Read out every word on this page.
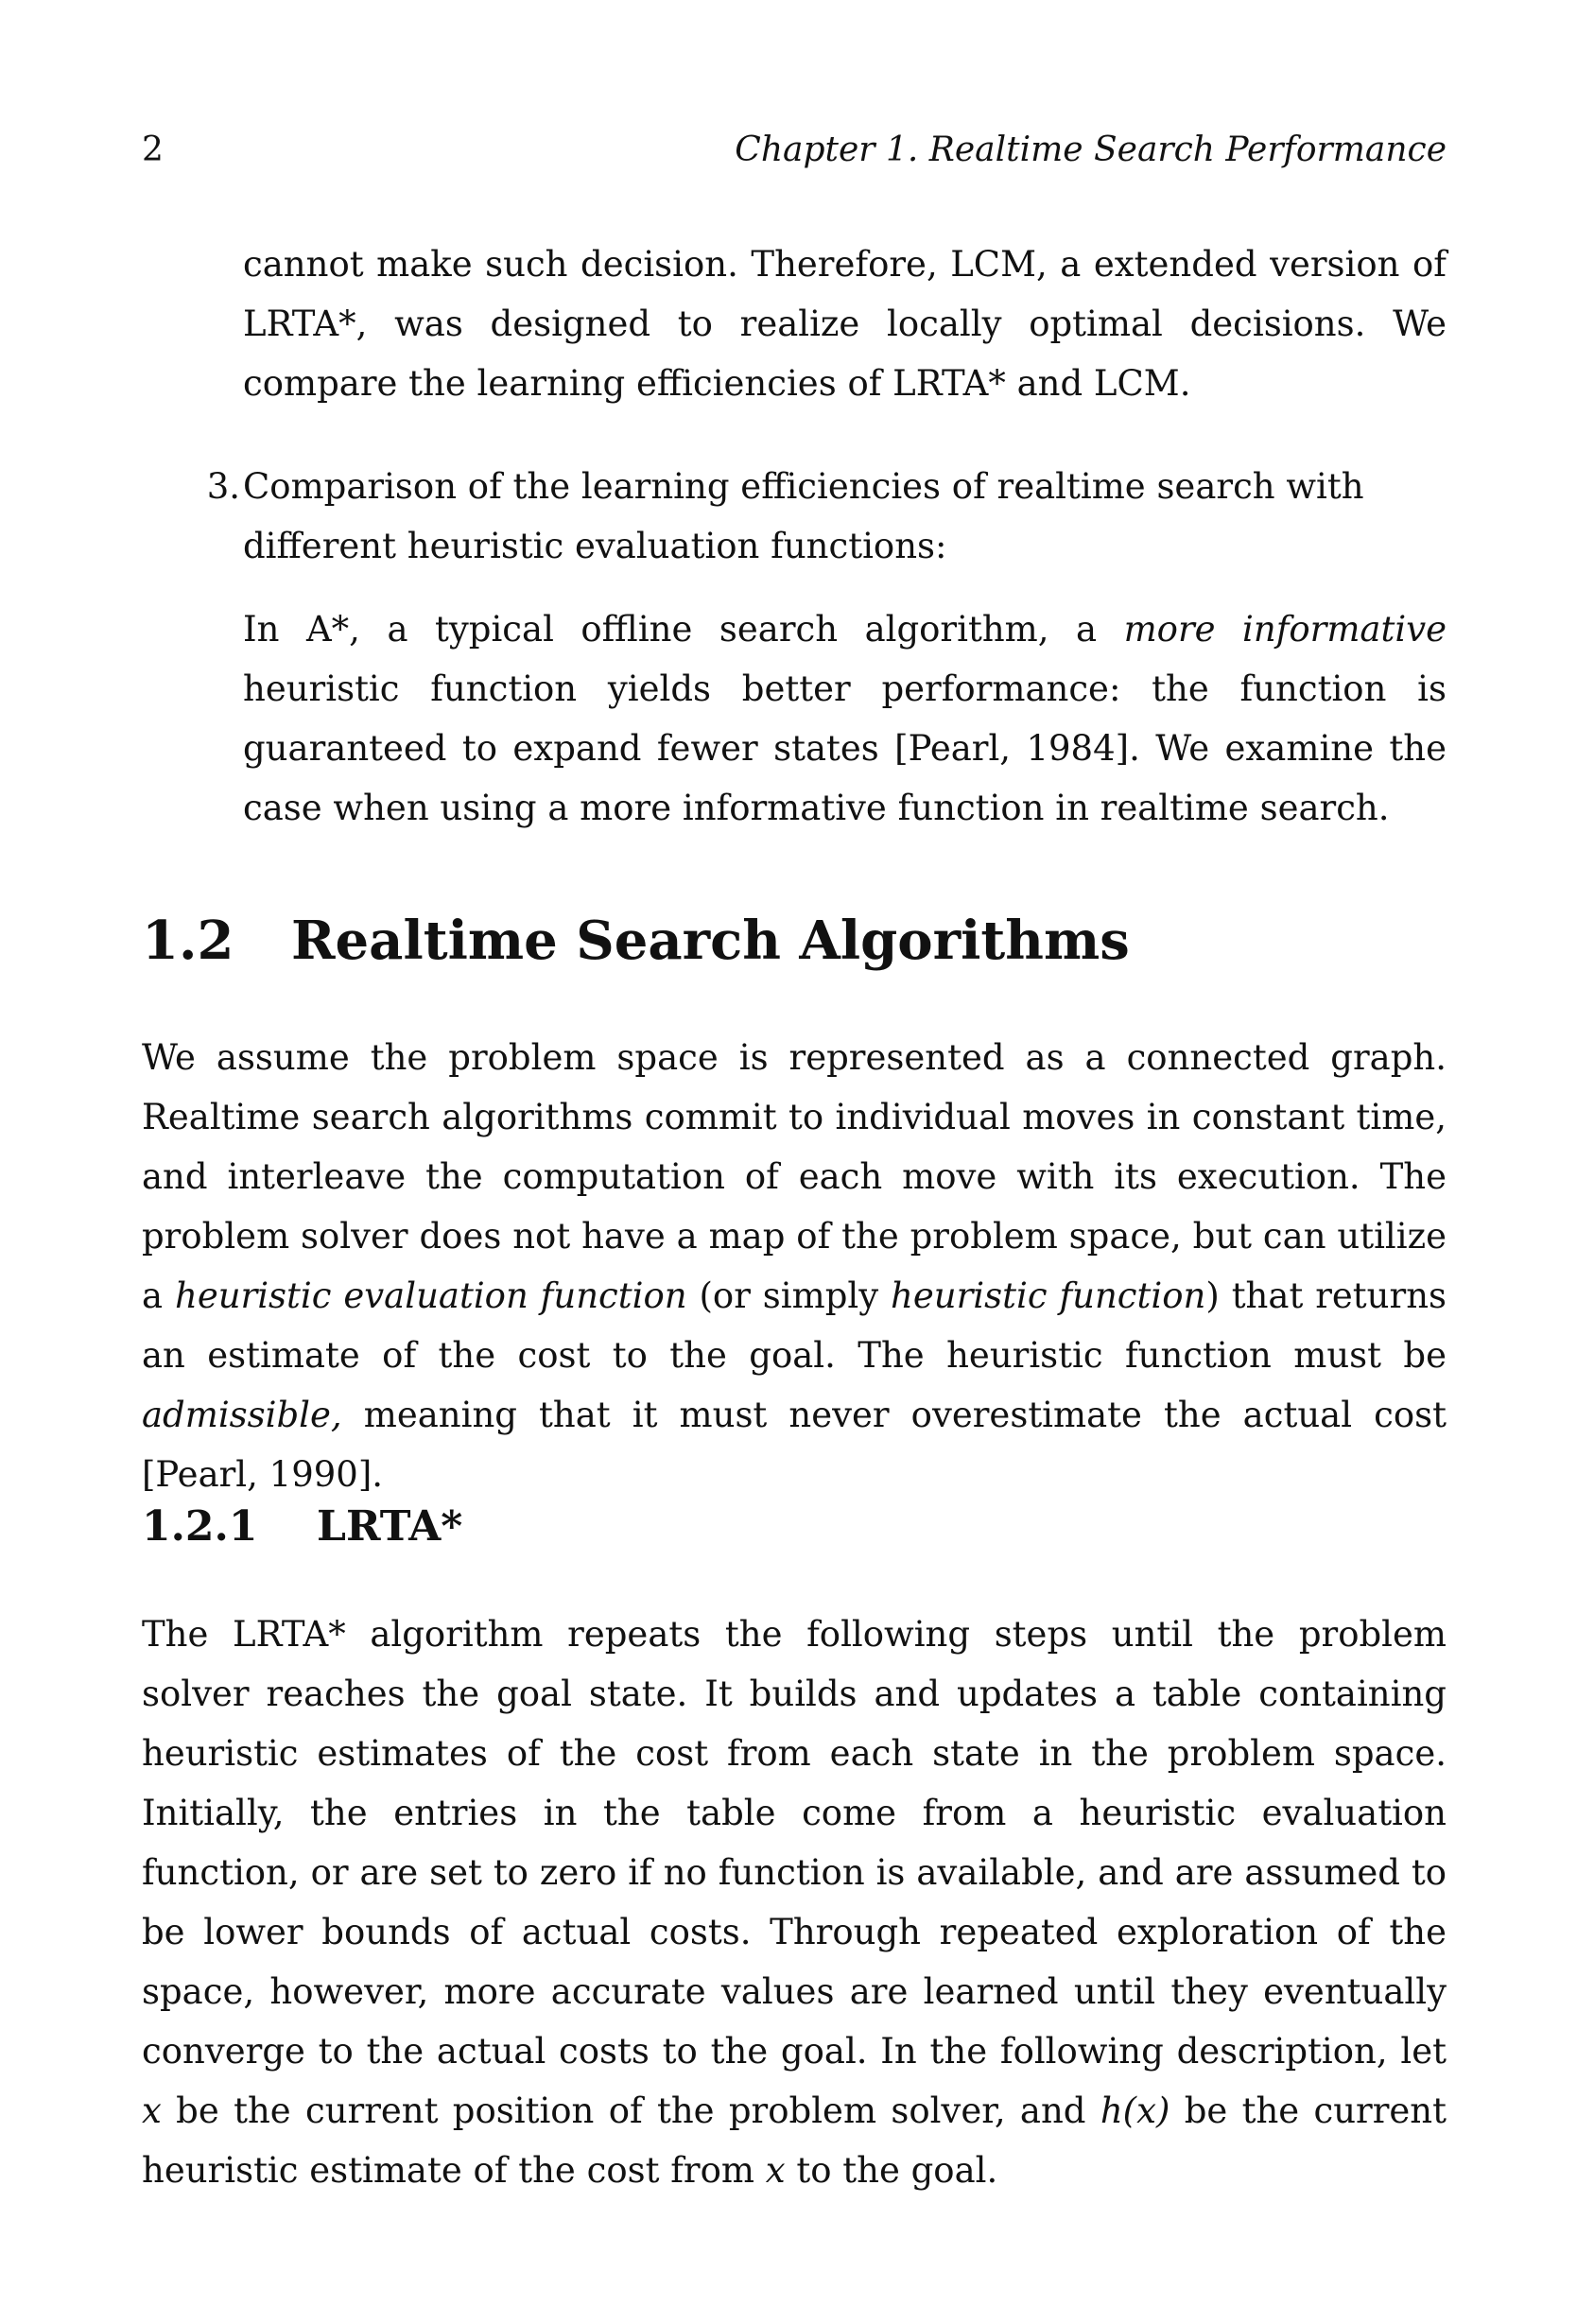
2	Chapter 1. Realtime Search Performance

cannot make such decision. Therefore, LCM, a extended version of LRTA*, was designed to realize locally optimal decisions. We compare the learning efficiencies of LRTA* and LCM.

3. Comparison of the learning efficiencies of realtime search with different heuristic evaluation functions:

In A*, a typical offline search algorithm, a more informative heuristic function yields better performance: the function is guaranteed to expand fewer states [Pearl, 1984]. We examine the case when using a more informative function in realtime search.

1.2 Realtime Search Algorithms

We assume the problem space is represented as a connected graph. Realtime search algorithms commit to individual moves in constant time, and interleave the computation of each move with its execution. The problem solver does not have a map of the problem space, but can utilize a heuristic evaluation function (or simply heuristic function) that returns an estimate of the cost to the goal. The heuristic function must be admissible, meaning that it must never overestimate the actual cost [Pearl, 1990].

1.2.1 LRTA*

The LRTA* algorithm repeats the following steps until the problem solver reaches the goal state. It builds and updates a table containing heuristic estimates of the cost from each state in the problem space. Initially, the entries in the table come from a heuristic evaluation function, or are set to zero if no function is available, and are assumed to be lower bounds of actual costs. Through repeated exploration of the space, however, more accurate values are learned until they eventually converge to the actual costs to the goal. In the following description, let x be the current position of the problem solver, and h(x) be the current heuristic estimate of the cost from x to the goal.
